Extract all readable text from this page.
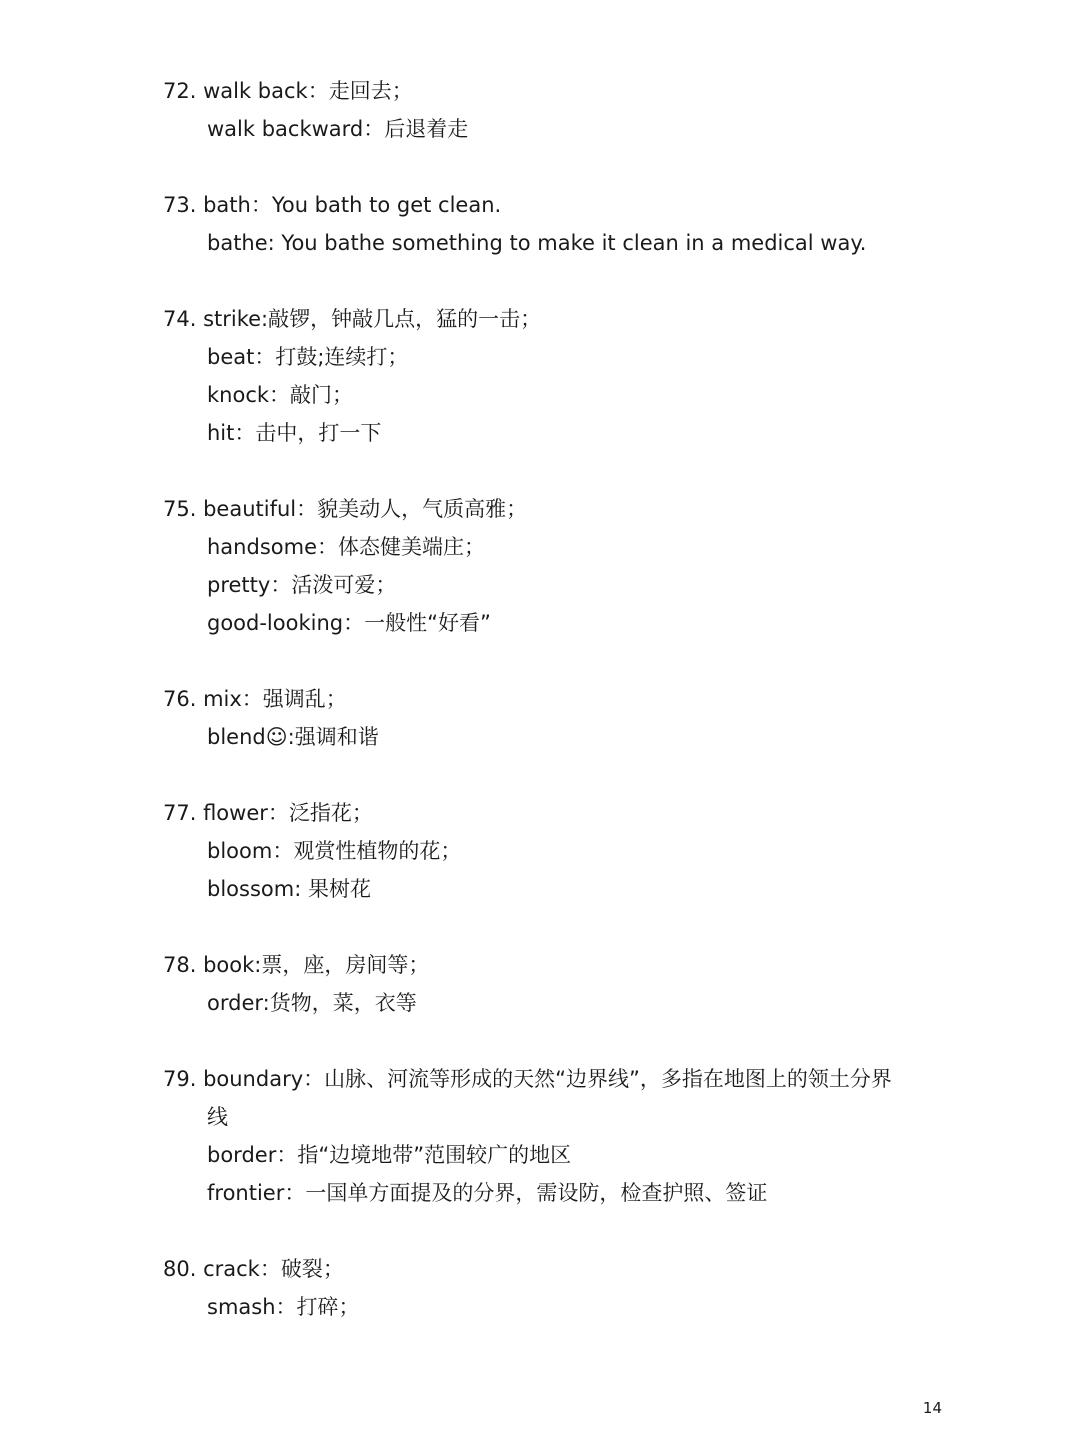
72. walk back：走回去；
walk backward：后退着走
73. bath：You bath to get clean.
bathe: You bathe something to make it clean in a medical way.
74. strike:敲锣，钟敲几点，猛的一击；
beat：打鼓;连续打；
knock：敲门；
hit：击中，打一下
75. beautiful：貌美动人，气质高雅；
handsome：体态健美端庄；
pretty：活泼可爱；
good-looking：一般性“好看”
76. mix：强调乱；
blend☺:强调和谐
77. flower：泛指花；
bloom：观赏性植物的花；
blossom: 果树花
78. book:票，座，房间等；
order:货物，菜，衣等
79. boundary：山脉、河流等形成的天然“边界线”，多指在地图上的领土分界
线
border：指“边境地带”范围较广的地区
frontier：一国单方面提及的分界，需设防，检查护照、签证
80. crack：破裂；
smash：打碎；
14
